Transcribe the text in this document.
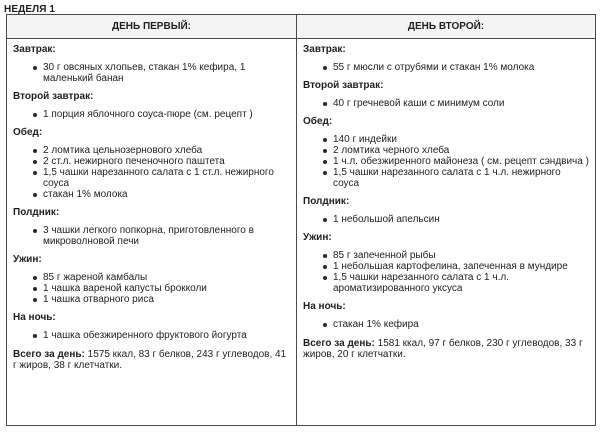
НЕДЕЛЯ 1
ДЕНЬ ПЕРВЫЙ:
Завтрак:
30 г овсяных хлопьев, стакан 1% кефира, 1 маленький банан
Второй завтрак:
1 порция яблочного соуса-пюре (см. рецепт )
Обед:
2 ломтика цельнозернового хлеба
2 ст.л. нежирного печеночного паштета
1,5 чашки нарезанного салата с 1 ст.л. нежирного соуса
стакан 1% молока
Полдник:
3 чашки легкого попкорна, приготовленного в микроволновой печи
Ужин:
85 г жареной камбалы
1 чашка вареной капусты брокколи
1 чашка отварного риса
На ночь:
1 чашка обезжиренного фруктового йогурта
Всего за день: 1575 ккал, 83 г белков, 243 г углеводов, 41 г жиров, 38 г клетчатки.
ДЕНЬ ВТОРОЙ:
Завтрак:
55 г мюсли с отрубями и стакан 1% молока
Второй завтрак:
40 г гречневой каши с минимум соли
Обед:
140 г индейки
2 ломтика черного хлеба
1 ч.л. обезжиренного майонеза ( см. рецепт сэндвича )
1,5 чашки нарезанного салата с 1 ч.л. нежирного соуса
Полдник:
1 небольшой апельсин
Ужин:
85 г запеченной рыбы
1 небольшая картофелина, запеченная в мундире
1,5 чашки нарезанного салата с 1 ч.л. ароматизированного уксуса
На ночь:
стакан 1% кефира
Всего за день: 1581 ккал, 97 г белков, 230 г углеводов, 33 г жиров, 20 г клетчатки.
